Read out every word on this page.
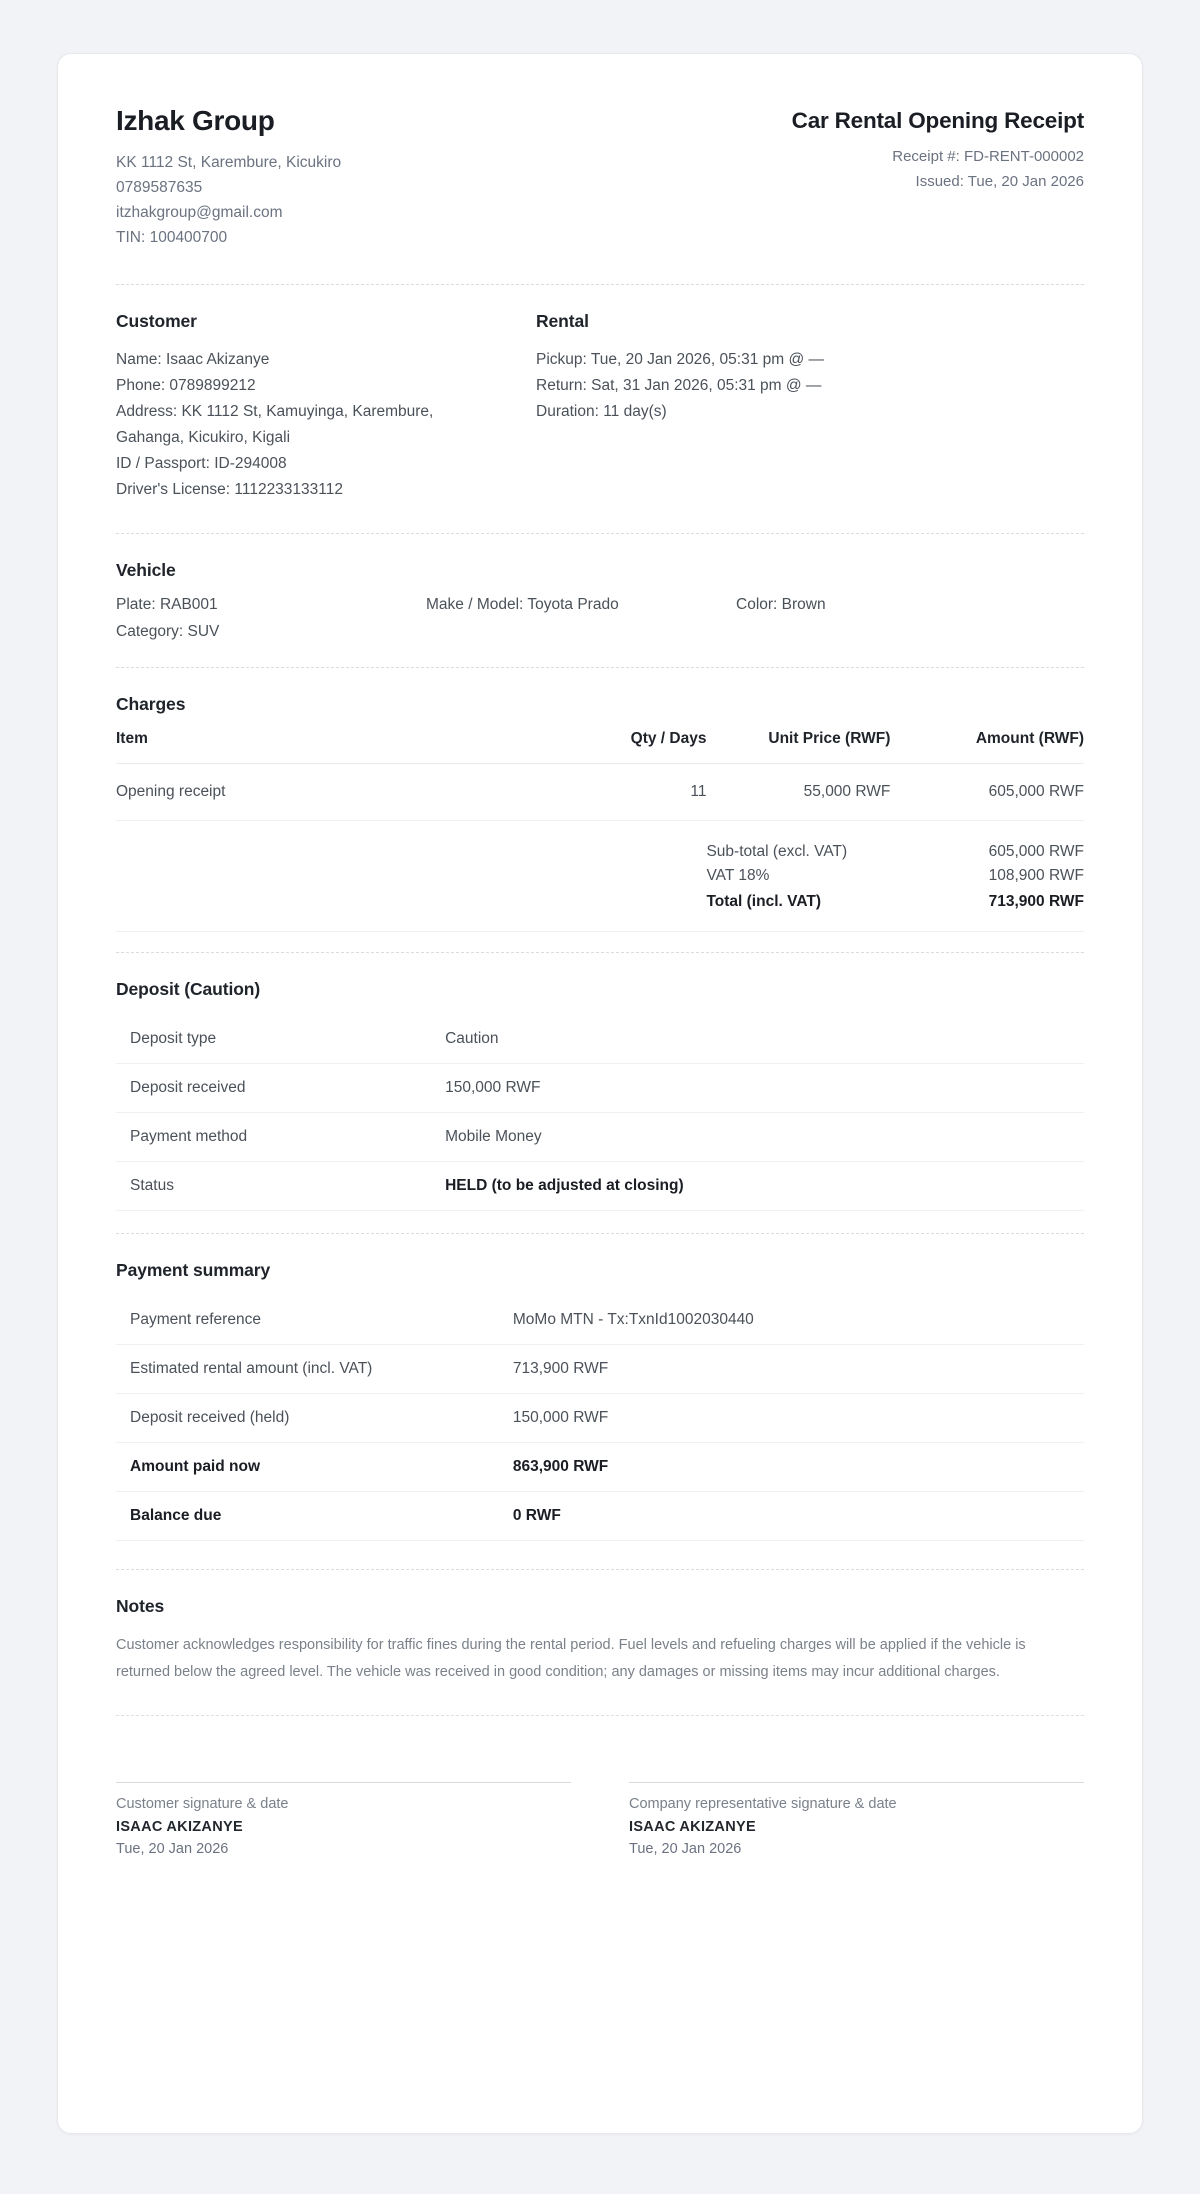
Izhak Group
KK 1112 St, Karembure, Kicukiro
0789587635
itzhakgroup@gmail.com
TIN: 100400700
Car Rental Opening Receipt
Receipt #: FD-RENT-000002
Issued: Tue, 20 Jan 2026
Customer
Name: Isaac Akizanye
Phone: 0789899212
Address: KK 1112 St, Kamuyinga, Karembure,
Gahanga, Kicukiro, Kigali
ID / Passport: ID-294008
Driver's License: 1112233133112
Rental
Pickup: Tue, 20 Jan 2026, 05:31 pm @ —
Return: Sat, 31 Jan 2026, 05:31 pm @ —
Duration: 11 day(s)
Vehicle
Plate: RAB001	Make / Model: Toyota Prado	Color: Brown
Category: SUV
Charges
Item	Qty / Days	Unit Price (RWF)	Amount (RWF)
Opening receipt	11	55,000 RWF	605,000 RWF
		Sub-total (excl. VAT)	605,000 RWF
		VAT 18%	108,900 RWF
		Total (incl. VAT)	713,900 RWF
Deposit (Caution)
Deposit type	Caution
Deposit received	150,000 RWF
Payment method	Mobile Money
Status	HELD (to be adjusted at closing)
Payment summary
Payment reference	MoMo MTN - Tx:TxnId1002030440
Estimated rental amount (incl. VAT)	713,900 RWF
Deposit received (held)	150,000 RWF
Amount paid now	863,900 RWF
Balance due	0 RWF
Notes

Customer acknowledges responsibility for traffic fines during the rental period. Fuel levels and refueling charges will be applied if the vehicle is returned below the agreed level. The vehicle was received in good condition; any damages or missing items may incur additional charges.

Customer signature & date
ISAAC AKIZANYE
Tue, 20 Jan 2026
Company representative signature & date
ISAAC AKIZANYE
Tue, 20 Jan 2026
